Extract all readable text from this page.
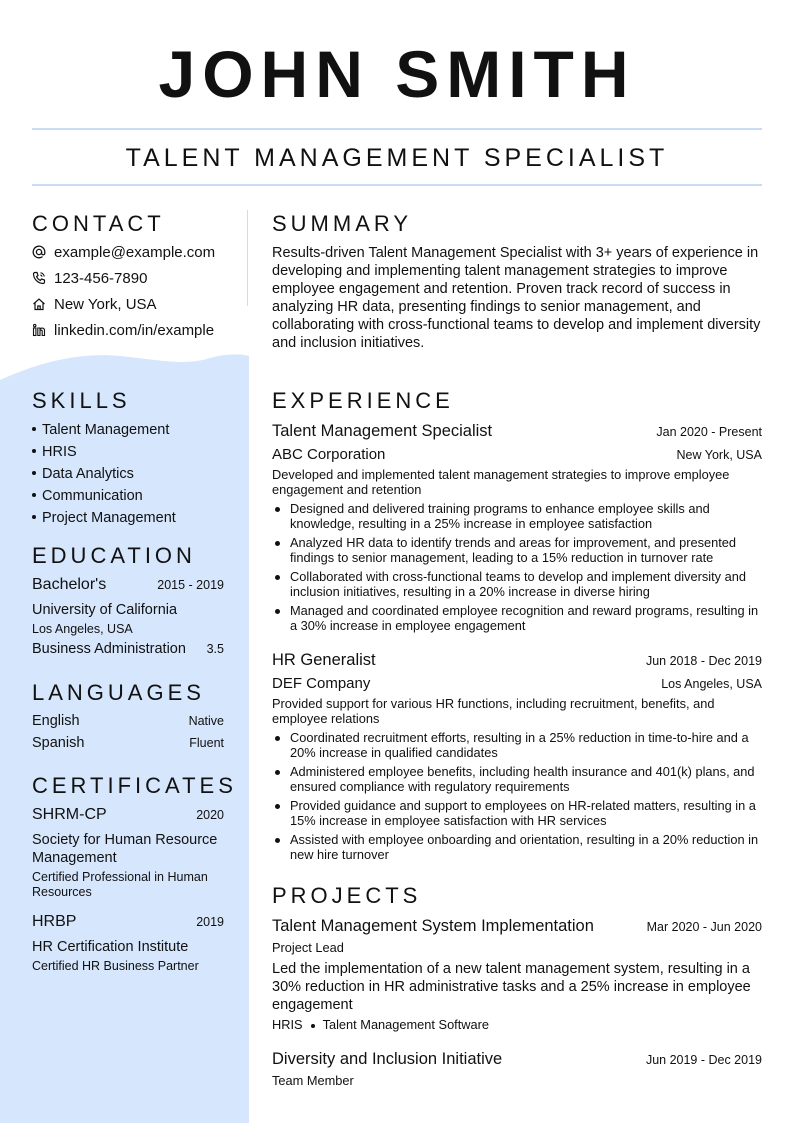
JOHN SMITH
TALENT MANAGEMENT SPECIALIST
CONTACT
example@example.com
123-456-7890
New York, USA
linkedin.com/in/example
SKILLS
Talent Management
HRIS
Data Analytics
Communication
Project Management
EDUCATION
Bachelor's	2015 - 2019
University of California
Los Angeles, USA
Business Administration 3.5
LANGUAGES
English	Native
Spanish	Fluent
CERTIFICATES
SHRM-CP	2020
Society for Human Resource Management
Certified Professional in Human Resources
HRBP	2019
HR Certification Institute
Certified HR Business Partner
SUMMARY
Results-driven Talent Management Specialist with 3+ years of experience in developing and implementing talent management strategies to improve employee engagement and retention. Proven track record of success in analyzing HR data, presenting findings to senior management, and collaborating with cross-functional teams to develop and implement diversity and inclusion initiatives.
EXPERIENCE
Talent Management Specialist	Jan 2020 - Present
ABC Corporation	New York, USA
Developed and implemented talent management strategies to improve employee engagement and retention
Designed and delivered training programs to enhance employee skills and knowledge, resulting in a 25% increase in employee satisfaction
Analyzed HR data to identify trends and areas for improvement, and presented findings to senior management, leading to a 15% reduction in turnover rate
Collaborated with cross-functional teams to develop and implement diversity and inclusion initiatives, resulting in a 20% increase in diverse hiring
Managed and coordinated employee recognition and reward programs, resulting in a 30% increase in employee engagement
HR Generalist	Jun 2018 - Dec 2019
DEF Company	Los Angeles, USA
Provided support for various HR functions, including recruitment, benefits, and employee relations
Coordinated recruitment efforts, resulting in a 25% reduction in time-to-hire and a 20% increase in qualified candidates
Administered employee benefits, including health insurance and 401(k) plans, and ensured compliance with regulatory requirements
Provided guidance and support to employees on HR-related matters, resulting in a 15% increase in employee satisfaction with HR services
Assisted with employee onboarding and orientation, resulting in a 20% reduction in new hire turnover
PROJECTS
Talent Management System Implementation	Mar 2020 - Jun 2020
Project Lead
Led the implementation of a new talent management system, resulting in a 30% reduction in HR administrative tasks and a 25% increase in employee engagement
HRIS Talent Management Software
Diversity and Inclusion Initiative	Jun 2019 - Dec 2019
Team Member
